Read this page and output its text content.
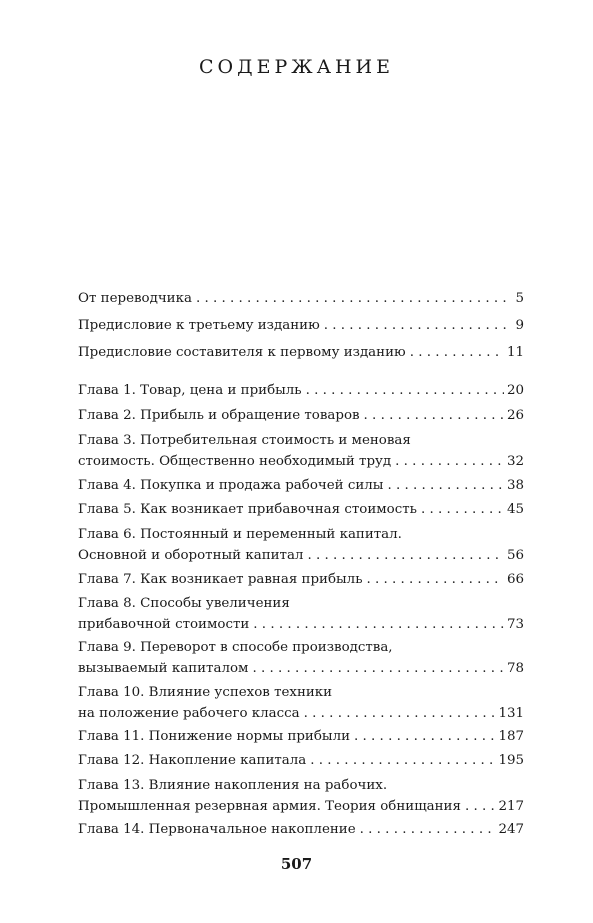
СОДЕРЖАНИЕ
От переводчика . . .	5
Предисловие к третьему изданию . . .	9
Предисловие составителя к первому изданию . . .	11
Глава 1. Товар, цена и прибыль . . .	20
Глава 2. Прибыль и обращение товаров . . .	26
Глава 3. Потребительная стоимость и меновая
стоимость. Общественно необходимый труд . . .	32
Глава 4. Покупка и продажа рабочей силы . . .	38
Глава 5. Как возникает прибавочная стоимость . . .	45
Глава 6. Постоянный и переменный капитал.
Основной и оборотный капитал . . .	56
Глава 7. Как возникает равная прибыль . . .	66
Глава 8. Способы увеличения
прибавочной стоимости . . .	73
Глава 9. Переворот в способе производства,
вызываемый капиталом . . .	78
Глава 10. Влияние успехов техники
на положение рабочего класса . . .	131
Глава 11. Понижение нормы прибыли . . .	187
Глава 12. Накопление капитала . . .	195
Глава 13. Влияние накопления на рабочих.
Промышленная резервная армия. Теория обнищания . . .	217
Глава 14. Первоначальное накопление . . .	247
507
